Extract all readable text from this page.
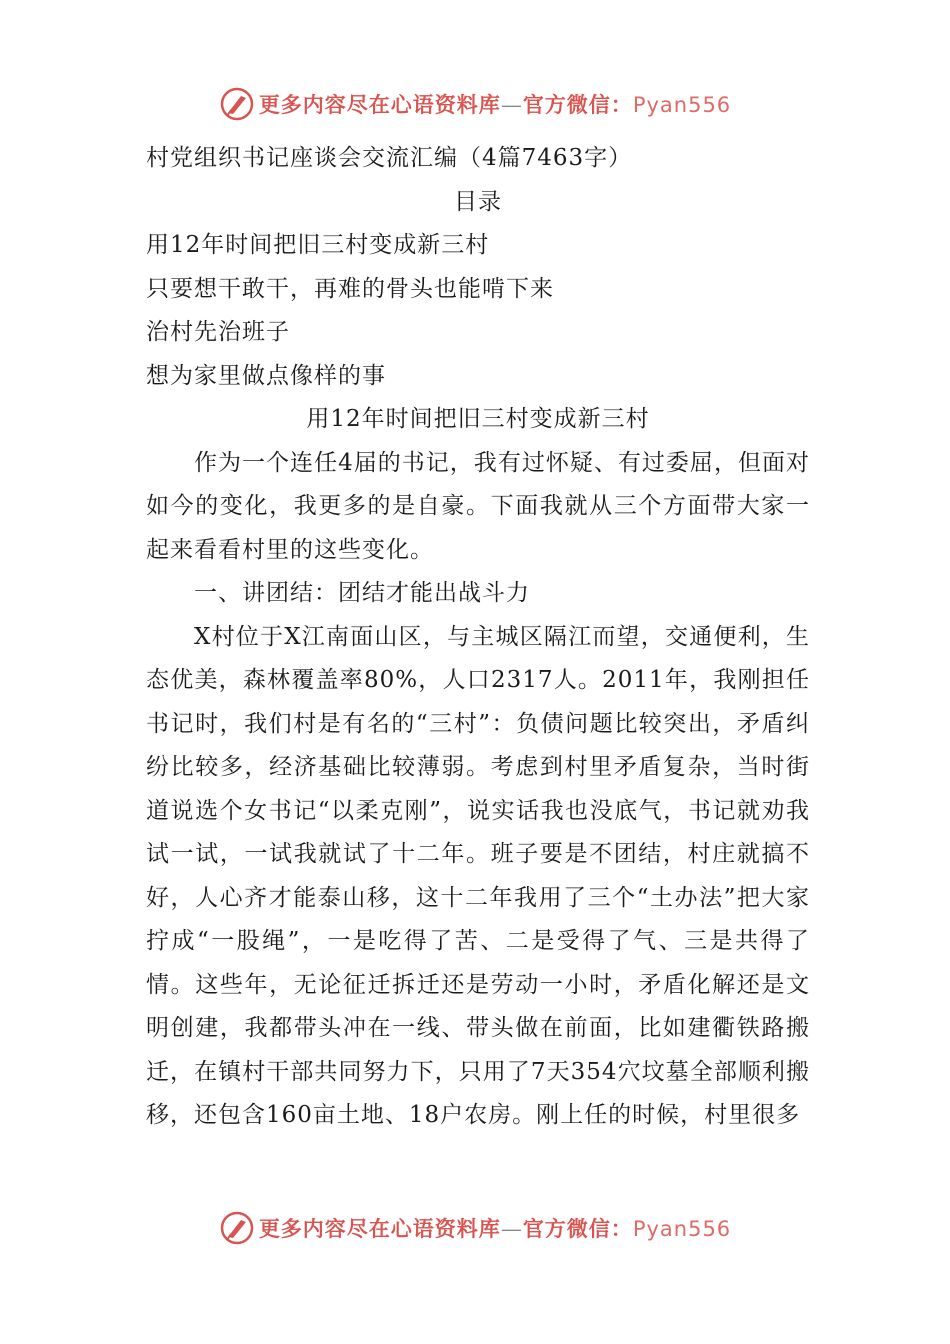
更多内容尽在心语资料库—官方微信：Pyan556

村党组织书记座谈会交流汇编（4篇7463字）

目录

用12年时间把旧三村变成新三村

只要想干敢干，再难的骨头也能啃下来

治村先治班子

想为家里做点像样的事

用12年时间把旧三村变成新三村

作为一个连任4届的书记，我有过怀疑、有过委屈，但面对如今的变化，我更多的是自豪。下面我就从三个方面带大家一起来看看村里的这些变化。

一、讲团结：团结才能出战斗力

X村位于X江南面山区，与主城区隔江而望，交通便利，生态优美，森林覆盖率80%，人口2317人。2011年，我刚担任书记时，我们村是有名的“三村”：负债问题比较突出，矛盾纠纷比较多，经济基础比较薄弱。考虑到村里矛盾复杂，当时街道说选个女书记“以柔克刚”，说实话我也没底气，书记就劝我试一试，一试我就试了十二年。班子要是不团结，村庄就搞不好，人心齐才能泰山移，这十二年我用了三个“土办法”把大家拧成“一股绳”，一是吃得了苦、二是受得了气、三是共得了情。这些年，无论征迁拆迁还是劳动一小时，矛盾化解还是文明创建，我都带头冲在一线、带头做在前面，比如建衢铁路搬迁，在镇村干部共同努力下，只用了7天354穴坟墓全部顺利搬移，还包含160亩土地、18户农房。刚上任的时候，村里很多

更多内容尽在心语资料库—官方微信：Pyan556
